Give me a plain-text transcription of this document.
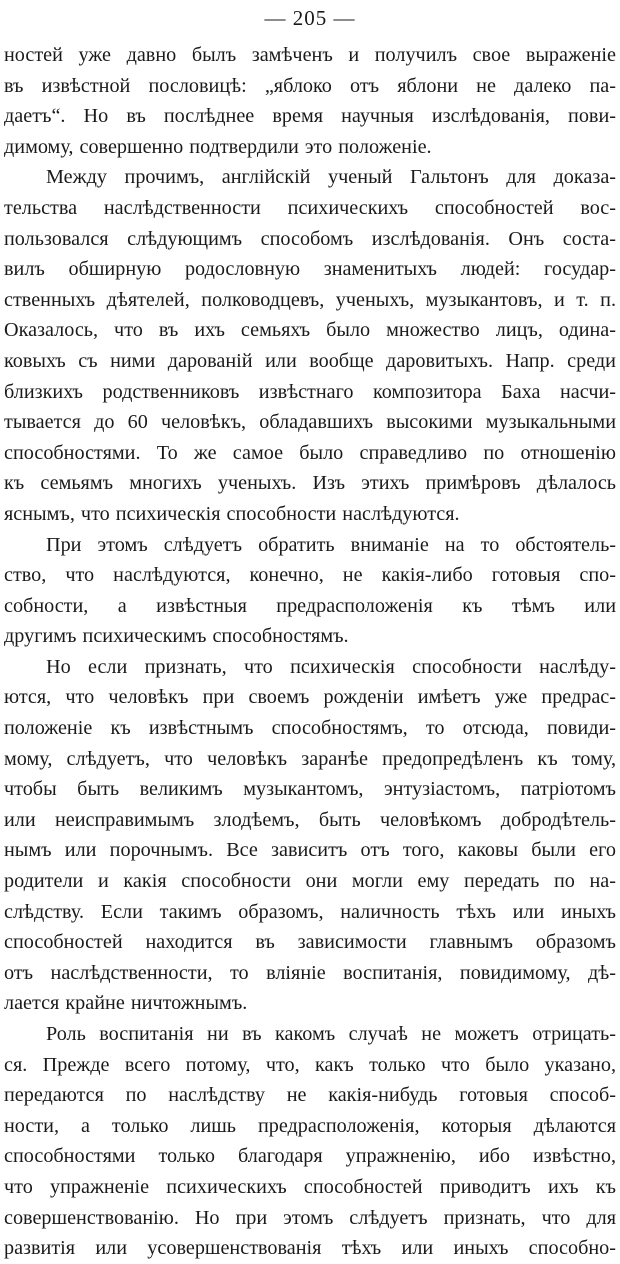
— 205 —

ностей уже давно былъ замѣченъ и получилъ свое выраженіе
въ извѣстной пословицѣ: „яблоко отъ яблони не далеко па-
даетъ“. Но въ послѣднее время научныя изслѣдованія, пови-
димому, совершенно подтвердили это положеніе.

Между прочимъ, англійскій ученый Гальтонъ для доказа-
тельства наслѣдственности психическихъ способностей вос-
пользовался слѣдующимъ способомъ изслѣдованія. Онъ соста-
вилъ обширную родословную знаменитыхъ людей: государ-
ственныхъ дѣятелей, полководцевъ, ученыхъ, музыкантовъ, и т. п.
Оказалось, что въ ихъ семьяхъ было множество лицъ, одина-
ковыхъ съ ними дарованій или вообще даровитыхъ. Напр. среди
близкихъ родственниковъ извѣстнаго композитора Баха насчи-
тывается до 60 человѣкъ, обладавшихъ высокими музыкальными
способностями. То же самое было справедливо по отношенію
къ семьямъ многихъ ученыхъ. Изъ этихъ примѣровъ дѣлалось
яснымъ, что психическія способности наслѣдуются.

При этомъ слѣдуетъ обратить вниманіе на то обстоятель-
ство, что наслѣдуются, конечно, не какія-либо готовыя спо-
собности, а извѣстныя предрасположенія къ тѣмъ или
другимъ психическимъ способностямъ.

Но если признать, что психическія способности наслѣду-
ются, что человѣкъ при своемъ рожденіи имѣетъ уже предрас-
положеніе къ извѣстнымъ способностямъ, то отсюда, повиди-
мому, слѣдуетъ, что человѣкъ заранѣе предопредѣленъ къ тому,
чтобы быть великимъ музыкантомъ, энтузіастомъ, патріотомъ
или неисправимымъ злодѣемъ, быть человѣкомъ добродѣтель-
нымъ или порочнымъ. Все зависитъ отъ того, каковы были его
родители и какія способности они могли ему передать по на-
слѣдству. Если такимъ образомъ, наличность тѣхъ или иныхъ
способностей находится въ зависимости главнымъ образомъ
отъ наслѣдственности, то вліяніе воспитанія, повидимому, дѣ-
лается крайне ничтожнымъ.

Роль воспитанія ни въ какомъ случаѣ не можетъ отрицать-
ся. Прежде всего потому, что, какъ только что было указано,
передаются по наслѣдству не какія-нибудь готовыя способ-
ности, а только лишь предрасположенія, которыя дѣлаются
способностями только благодаря упражненію, ибо извѣстно,
что упражненіе психическихъ способностей приводитъ ихъ къ
совершенствованію. Но при этомъ слѣдуетъ признать, что для
развитія или усовершенствованія тѣхъ или иныхъ способно-
